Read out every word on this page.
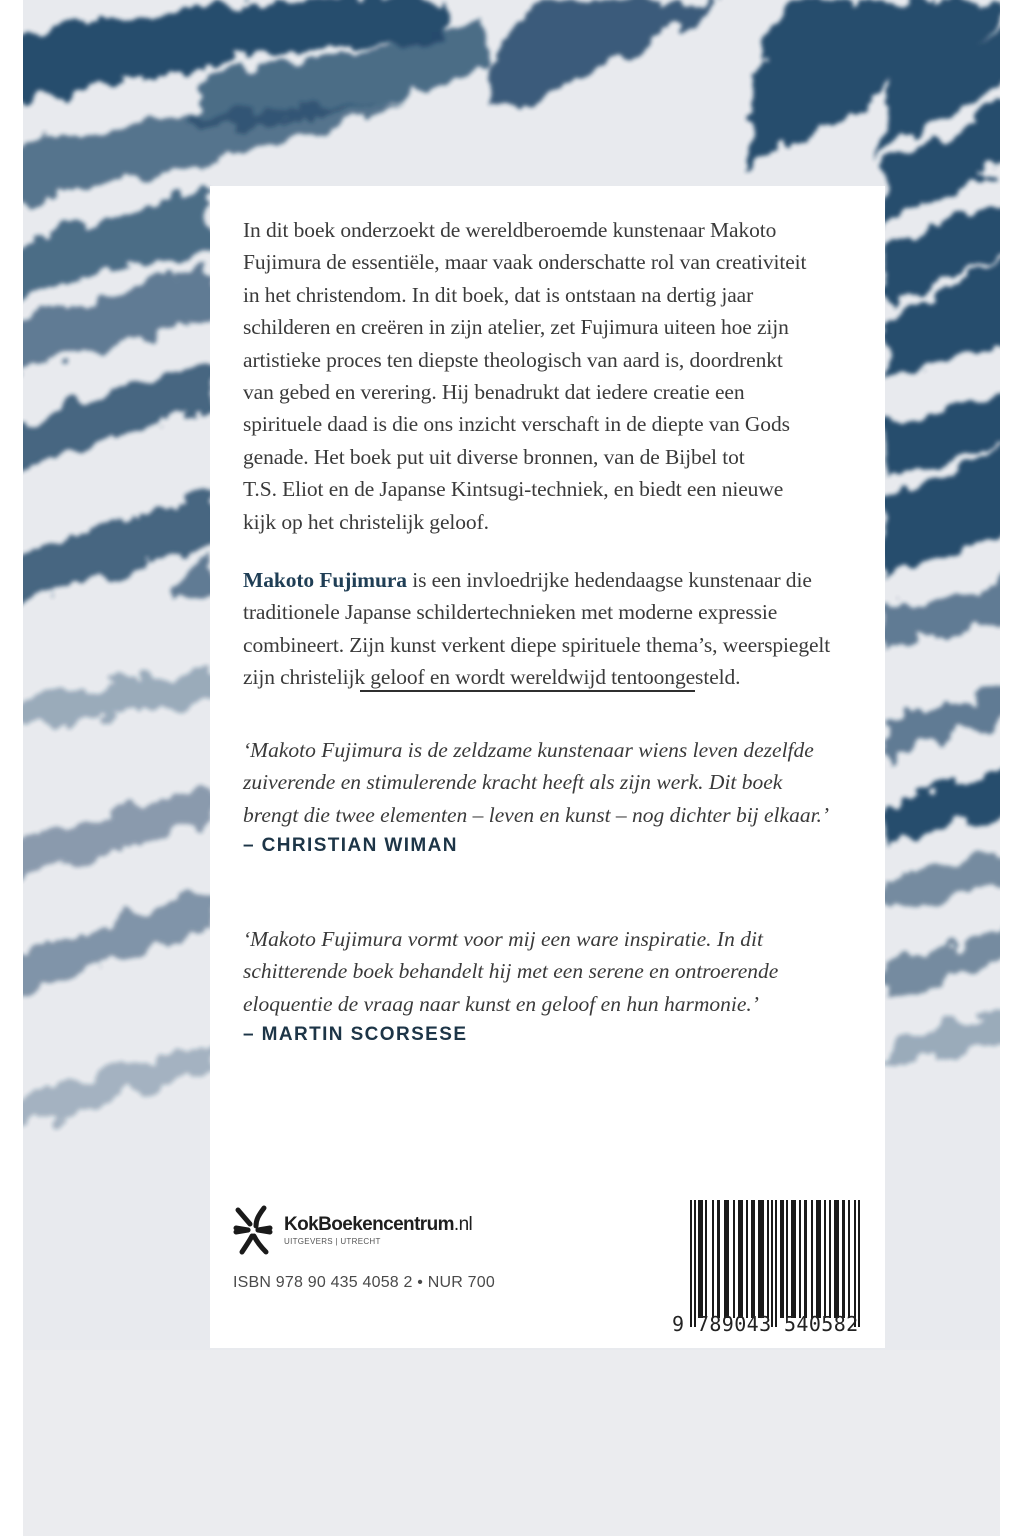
In dit boek onderzoekt de wereldberoemde kunstenaar Makoto

Fujimura de essentiële, maar vaak onderschatte rol van creativiteit

in het christendom. In dit boek, dat is ontstaan na dertig jaar

schilderen en creëren in zijn atelier, zet Fujimura uiteen hoe zijn

artistieke proces ten diepste theologisch van aard is, doordrenkt

van gebed en verering. Hij benadrukt dat iedere creatie een

spirituele daad is die ons inzicht verschaft in de diepte van Gods

genade. Het boek put uit diverse bronnen, van de Bijbel tot

T.S. Eliot en de Japanse Kintsugi-techniek, en biedt een nieuwe

kijk op het christelijk geloof.

Makoto Fujimura is een invloedrijke hedendaagse kunstenaar die

traditionele Japanse schildertechnieken met moderne expressie

combineert. Zijn kunst verkent diepe spirituele thema’s, weerspiegelt

zijn christelijk geloof en wordt wereldwijd tentoongesteld.

‘Makoto Fujimura is de zeldzame kunstenaar wiens leven dezelfde

zuiverende en stimulerende kracht heeft als zijn werk. Dit boek

brengt die twee elementen – leven en kunst – nog dichter bij elkaar.’

– CHRISTIAN WIMAN

‘Makoto Fujimura vormt voor mij een ware inspiratie. In dit

schitterende boek behandelt hij met een serene en ontroerende

eloquentie de vraag naar kunst en geloof en hun harmonie.’

– MARTIN SCORSESE

KokBoekencentrum.nl
UITGEVERS | UTRECHT
ISBN 978 90 435 4058 2 • NUR 700
9 789043 540582
